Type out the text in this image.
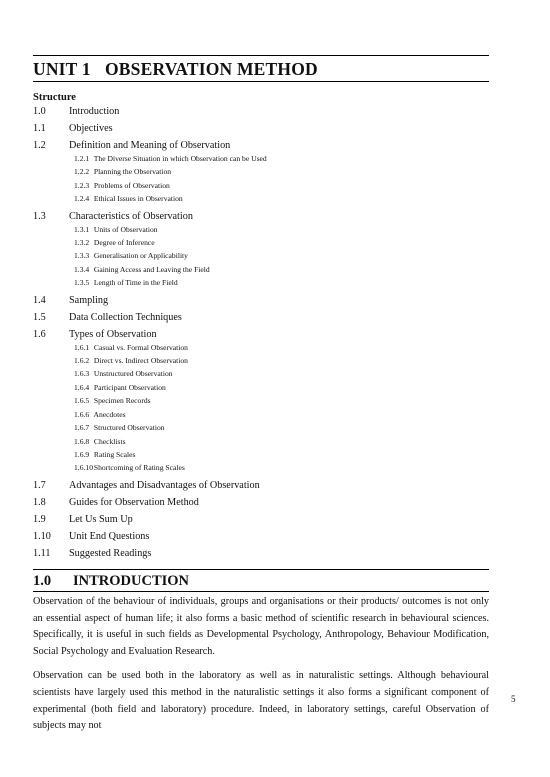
UNIT 1 OBSERVATION METHOD
Structure
1.0 Introduction
1.1 Objectives
1.2 Definition and Meaning of Observation
1.2.1 The Diverse Situation in which Observation can be Used
1.2.2 Planning the Observation
1.2.3 Problems of Observation
1.2.4 Ethical Issues in Observation
1.3 Characteristics of Observation
1.3.1 Units of Observation
1.3.2 Degree of Inference
1.3.3 Generalisation or Applicability
1.3.4 Gaining Access and Leaving the Field
1.3.5 Length of Time in the Field
1.4 Sampling
1.5 Data Collection Techniques
1.6 Types of Observation
1.6.1 Casual vs. Formal Observation
1.6.2 Direct vs. Indirect Observation
1.6.3 Unstructured Observation
1.6.4 Participant Observation
1.6.5 Specimen Records
1.6.6 Anecdotes
1.6.7 Structured Observation
1.6.8 Checklists
1.6.9 Rating Scales
1.6.10 Shortcoming of Rating Scales
1.7 Advantages and Disadvantages of Observation
1.8 Guides for Observation Method
1.9 Let Us Sum Up
1.10 Unit End Questions
1.11 Suggested Readings
1.0 INTRODUCTION

Observation of the behaviour of individuals, groups and organisations or their products/ outcomes is not only an essential aspect of human life; it also forms a basic method of scientific research in behavioural sciences. Specifically, it is useful in such fields as Developmental Psychology, Anthropology, Behaviour Modification, Social Psychology and Evaluation Research.

Observation can be used both in the laboratory as well as in naturalistic settings. Although behavioural scientists have largely used this method in the naturalistic settings it also forms a significant component of experimental (both field and laboratory) procedure. Indeed, in laboratory settings, careful Observation of subjects may not

5
